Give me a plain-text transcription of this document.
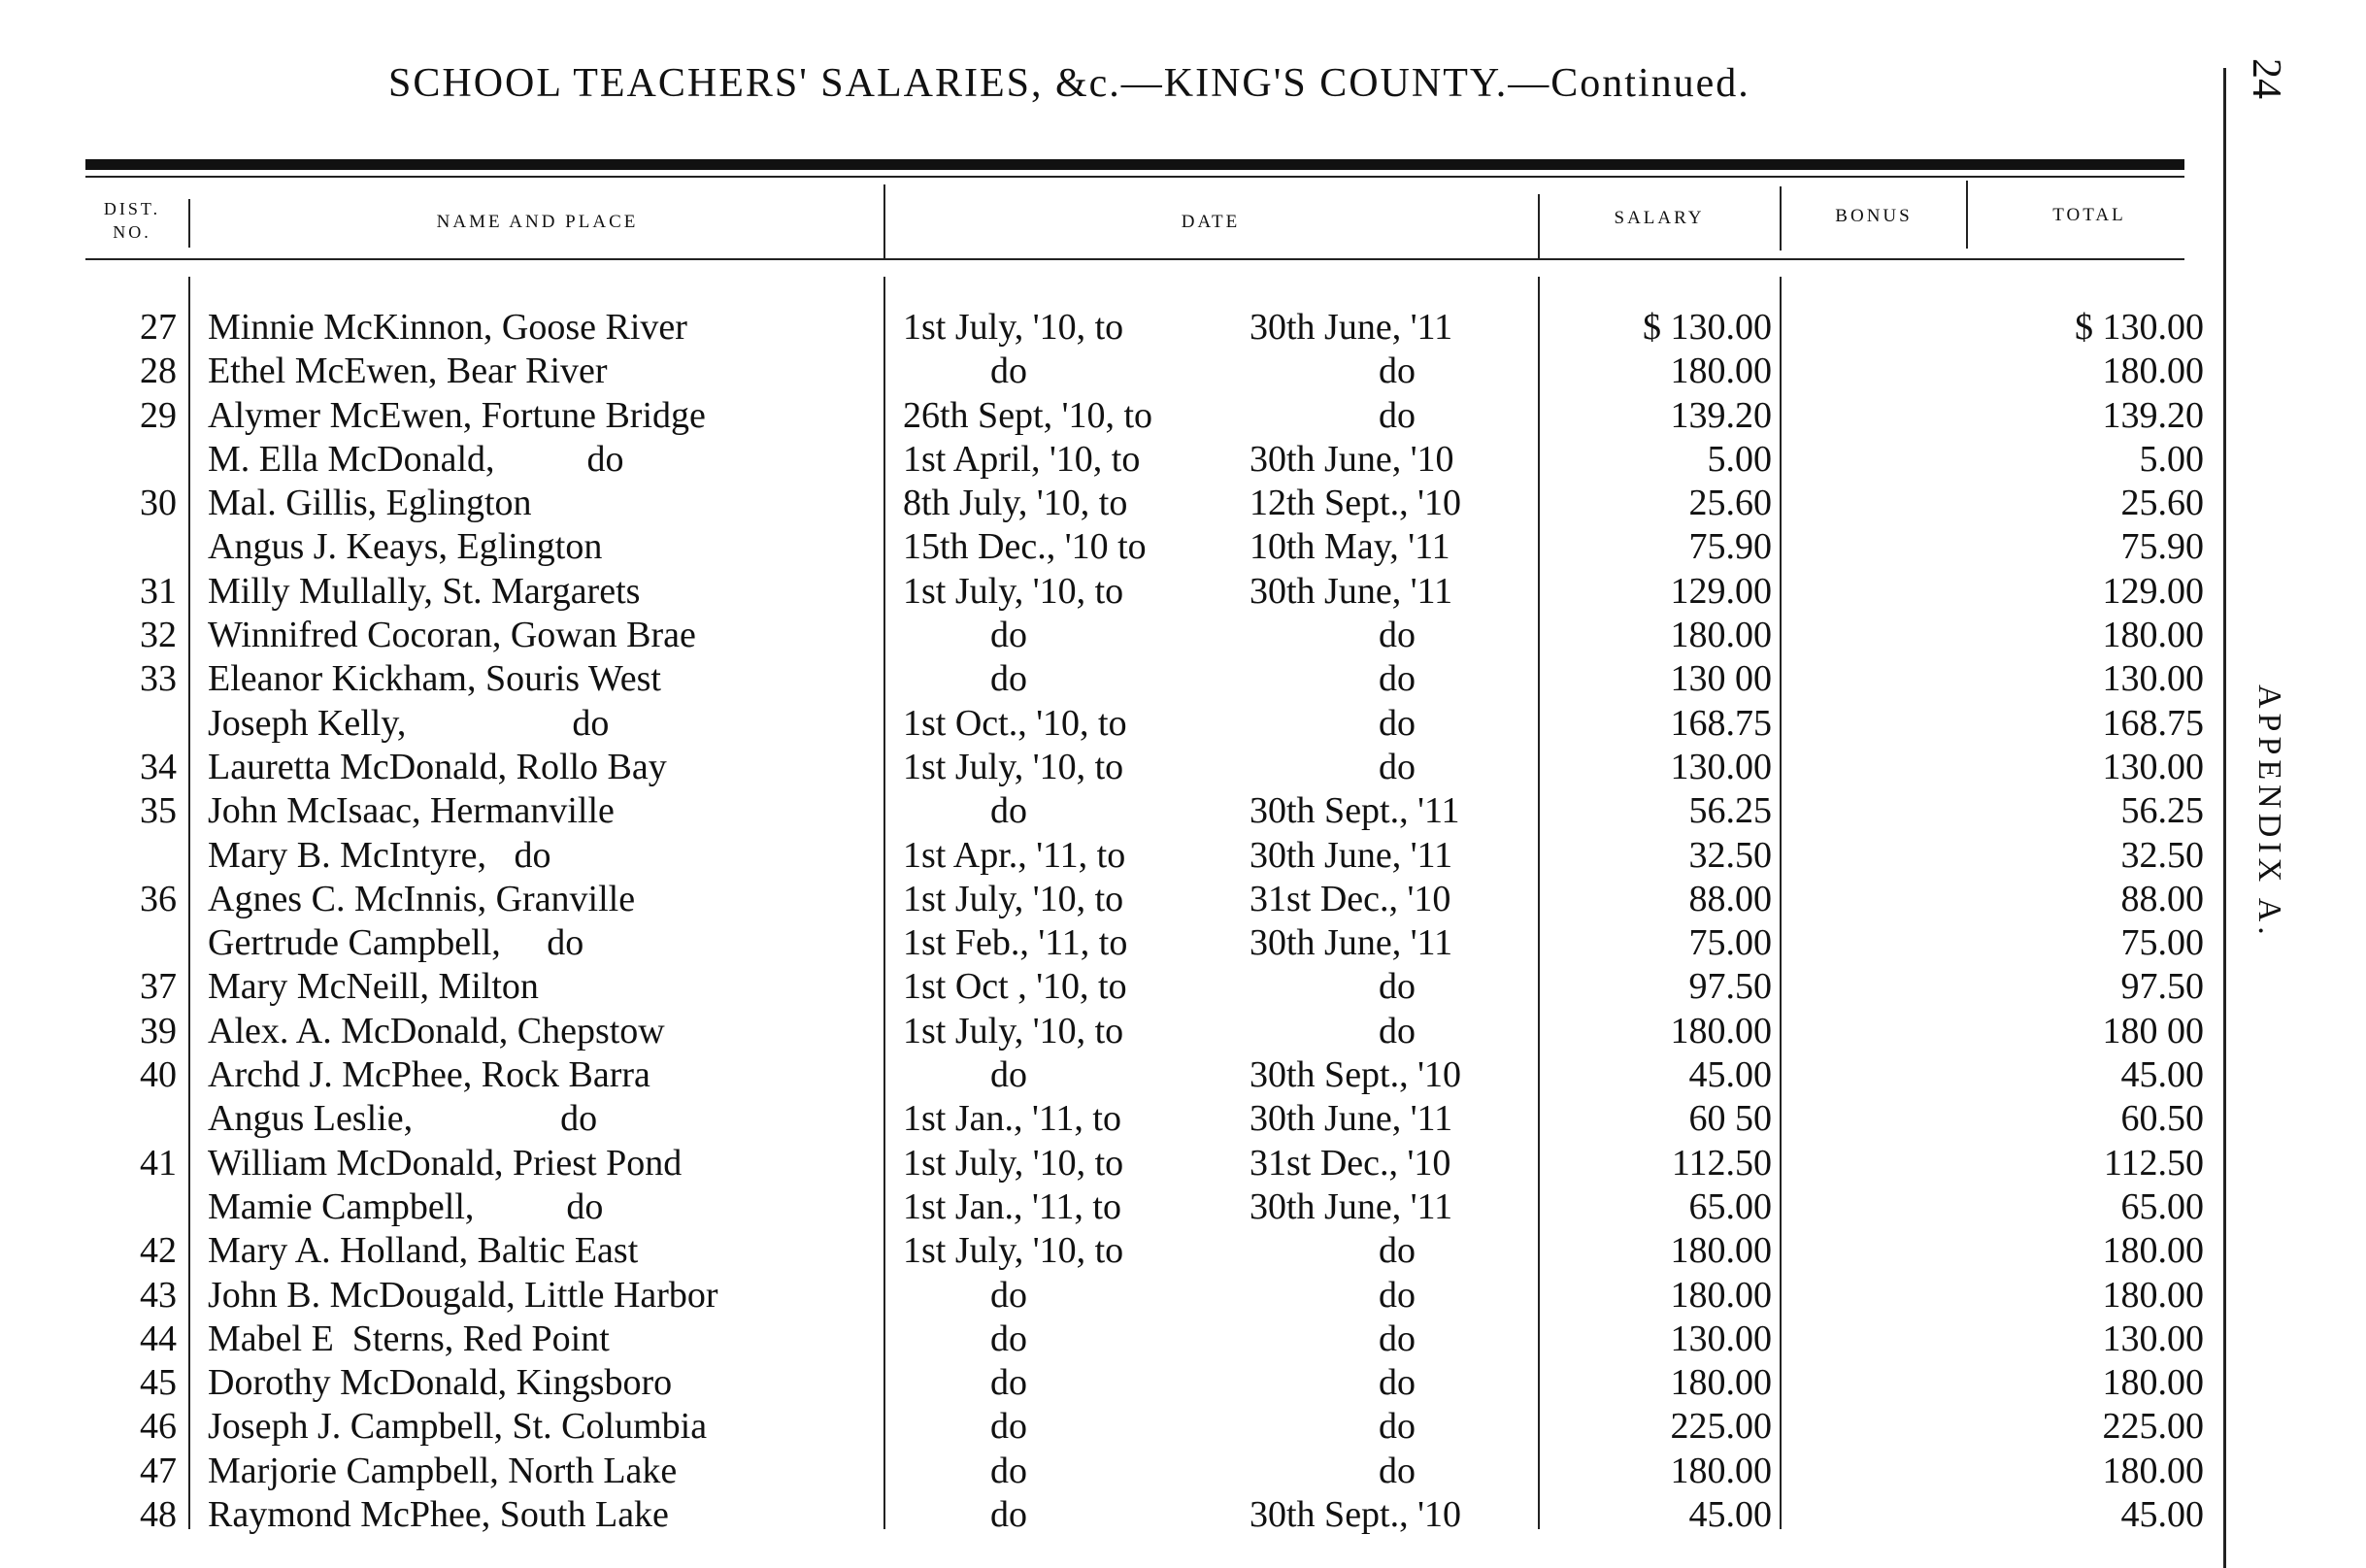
SCHOOL TEACHERS' SALARIES, &c.—KING'S COUNTY.—Continued.	24
APPENDIX A.
DIST.
NO.	NAME AND PLACE	DATE	SALARY	BONUS	TOTAL
27 Minnie McKinnon, Goose River	1st July, '10, to	30th June, '11	$ 130.00	$ 130.00
28 Ethel McEwen, Bear River	do	do	180.00	180.00
29 Alymer McEwen, Fortune Bridge	26th Sept, '10, to	do	139.20	139.20
M. Ella McDonald,          do	1st April, '10, to	30th June, '10	5.00	5.00
30 Mal. Gillis, Eglington	8th July, '10, to	12th Sept., '10	25.60	25.60
Angus J. Keays, Eglington	15th Dec., '10 to	10th May, '11	75.90	75.90
31 Milly Mullally, St. Margarets	1st July, '10, to	30th June, '11	129.00	129.00
32 Winnifred Cocoran, Gowan Brae	do	do	180.00	180.00
33 Eleanor Kickham, Souris West	do	do	130 00	130.00
Joseph Kelly,                  do	1st Oct., '10, to	do	168.75	168.75
34 Lauretta McDonald, Rollo Bay	1st July, '10, to	do	130.00	130.00
35 John McIsaac, Hermanville	do	30th Sept., '11	56.25	56.25
Mary B. McIntyre,   do	1st Apr., '11, to	30th June, '11	32.50	32.50
36 Agnes C. McInnis, Granville	1st July, '10, to	31st Dec., '10	88.00	88.00
Gertrude Campbell,     do	1st Feb., '11, to	30th June, '11	75.00	75.00
37 Mary McNeill, Milton	1st Oct , '10, to	do	97.50	97.50
39 Alex. A. McDonald, Chepstow	1st July, '10, to	do	180.00	180 00
40 Archd J. McPhee, Rock Barra	do	30th Sept., '10	45.00	45.00
Angus Leslie,                do	1st Jan., '11, to	30th June, '11	60 50	60.50
41 William McDonald, Priest Pond	1st July, '10, to	31st Dec., '10	112.50	112.50
Mamie Campbell,          do	1st Jan., '11, to	30th June, '11	65.00	65.00
42 Mary A. Holland, Baltic East	1st July, '10, to	do	180.00	180.00
43 John B. McDougald, Little Harbor	do	do	180.00	180.00
44 Mabel E  Sterns, Red Point	do	do	130.00	130.00
45 Dorothy McDonald, Kingsboro	do	do	180.00	180.00
46 Joseph J. Campbell, St. Columbia	do	do	225.00	225.00
47 Marjorie Campbell, North Lake	do	do	180.00	180.00
48 Raymond McPhee, South Lake	do	30th Sept., '10	45.00	45.00
